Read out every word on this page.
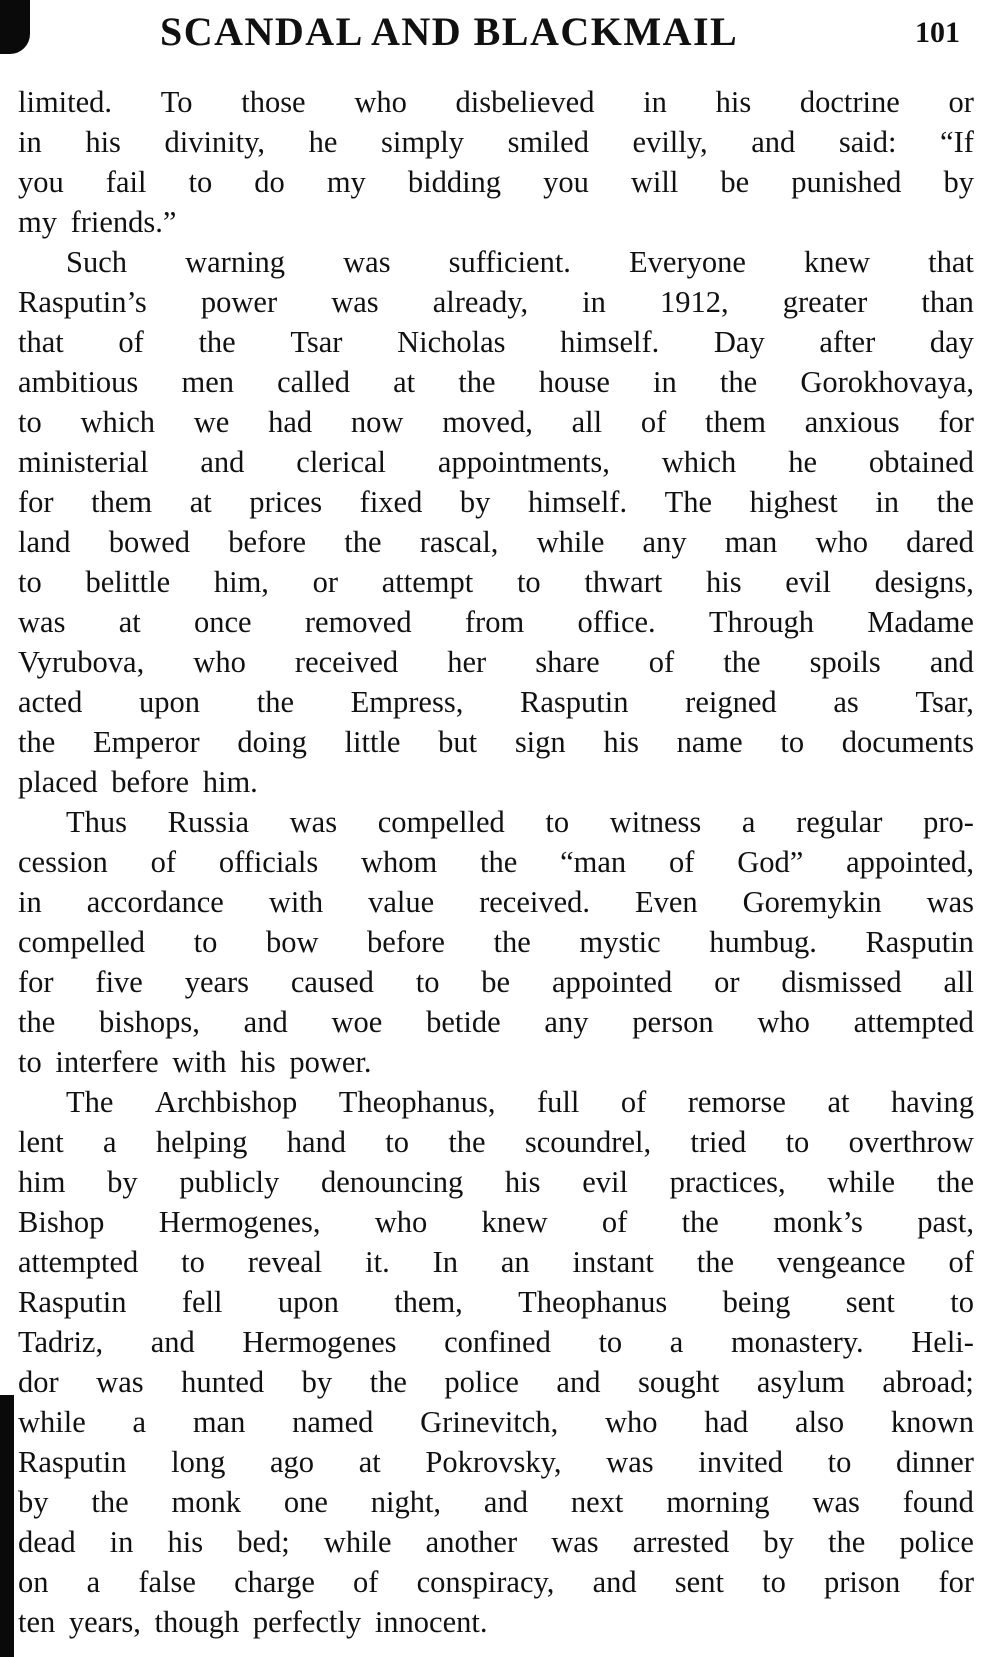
SCANDAL AND BLACKMAIL	101
limited. To those who disbelieved in his doctrine or
in his divinity, he simply smiled evilly, and said: “If
you fail to do my bidding you will be punished by
my friends.”
Such warning was sufficient. Everyone knew that
Rasputin’s power was already, in 1912, greater than
that of the Tsar Nicholas himself. Day after day
ambitious men called at the house in the Gorokhovaya,
to which we had now moved, all of them anxious for
ministerial and clerical appointments, which he obtained
for them at prices fixed by himself. The highest in the
land bowed before the rascal, while any man who dared
to belittle him, or attempt to thwart his evil designs,
was at once removed from office. Through Madame
Vyrubova, who received her share of the spoils and
acted upon the Empress, Rasputin reigned as Tsar,
the Emperor doing little but sign his name to documents
placed before him.
Thus Russia was compelled to witness a regular pro-
cession of officials whom the “man of God” appointed,
in accordance with value received. Even Goremykin was
compelled to bow before the mystic humbug. Rasputin
for five years caused to be appointed or dismissed all
the bishops, and woe betide any person who attempted
to interfere with his power.
The Archbishop Theophanus, full of remorse at having
lent a helping hand to the scoundrel, tried to overthrow
him by publicly denouncing his evil practices, while the
Bishop Hermogenes, who knew of the monk’s past,
attempted to reveal it. In an instant the vengeance of
Rasputin fell upon them, Theophanus being sent to
Tadriz, and Hermogenes confined to a monastery. Heli-
dor was hunted by the police and sought asylum abroad;
while a man named Grinevitch, who had also known
Rasputin long ago at Pokrovsky, was invited to dinner
by the monk one night, and next morning was found
dead in his bed; while another was arrested by the police
on a false charge of conspiracy, and sent to prison for
ten years, though perfectly innocent.
